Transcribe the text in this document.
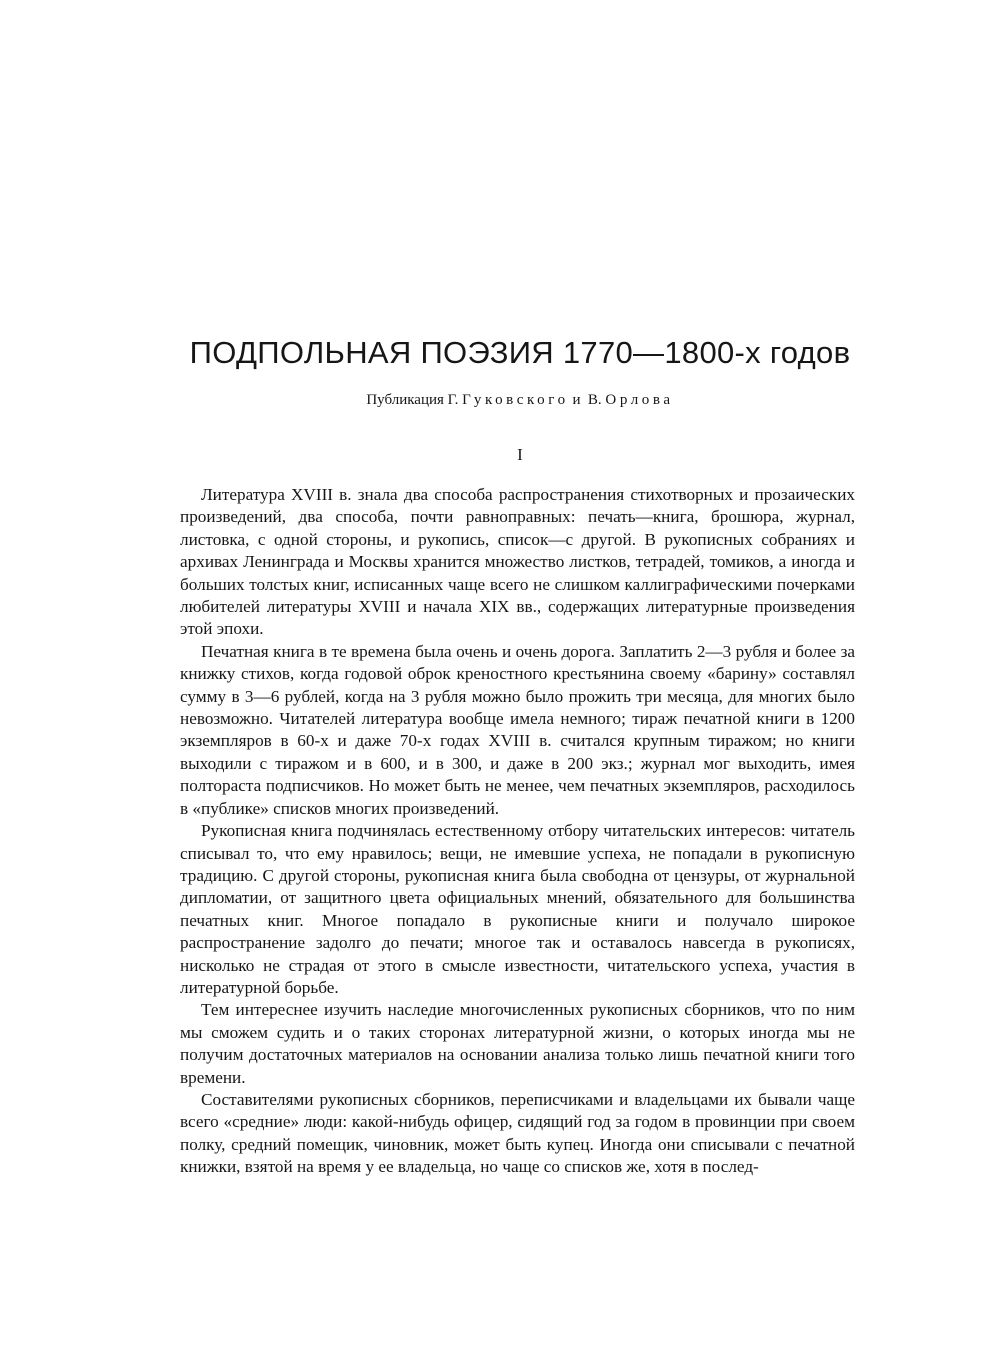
ПОДПОЛЬНАЯ ПОЭЗИЯ 1770—1800-х годов
Публикация Г. Гуковского и В. Орлова
I

Литература XVIII в. знала два способа распространения стихотворных и прозаических произведений, два способа, почти равноправных: печать—книга, брошюра, журнал, листовка, с одной стороны, и рукопись, список—с другой. В рукописных собраниях и архивах Ленинграда и Москвы хранится множество листков, тетрадей, томиков, а иногда и больших толстых книг, исписанных чаще всего не слишком каллиграфическими почерками любителей литературы XVIII и начала XIX вв., содержащих литературные произведения этой эпохи.

Печатная книга в те времена была очень и очень дорога. Заплатить 2—3 рубля и более за книжку стихов, когда годовой оброк креностного крестьянина своему «барину» составлял сумму в 3—6 рублей, когда на 3 рубля можно было прожить три месяца, для многих было невозможно. Читателей литература вообще имела немного; тираж печатной книги в 1200 экземпляров в 60-х и даже 70-х годах XVIII в. считался крупным тиражом; но книги выходили с тиражом и в 600, и в 300, и даже в 200 экз.; журнал мог выходить, имея полтораста подписчиков. Но может быть не менее, чем печатных экземпляров, расходилось в «публике» списков многих произведений.

Рукописная книга подчинялась естественному отбору читательских интересов: читатель списывал то, что ему нравилось; вещи, не имевшие успеха, не попадали в рукописную традицию. С другой стороны, рукописная книга была свободна от цензуры, от журнальной дипломатии, от защитного цвета официальных мнений, обязательного для большинства печатных книг. Многое попадало в рукописные книги и получало широкое распространение задолго до печати; многое так и оставалось навсегда в рукописях, нисколько не страдая от этого в смысле известности, читательского успеха, участия в литературной борьбе.

Тем интереснее изучить наследие многочисленных рукописных сборников, что по ним мы сможем судить и о таких сторонах литературной жизни, о которых иногда мы не получим достаточных материалов на основании анализа только лишь печатной книги того времени.

Составителями рукописных сборников, переписчиками и владельцами их бывали чаще всего «средние» люди: какой-нибудь офицер, сидящий год за годом в провинции при своем полку, средний помещик, чиновник, может быть купец. Иногда они списывали с печатной книжки, взятой на время у ее владельца, но чаще со списков же, хотя в послед-
